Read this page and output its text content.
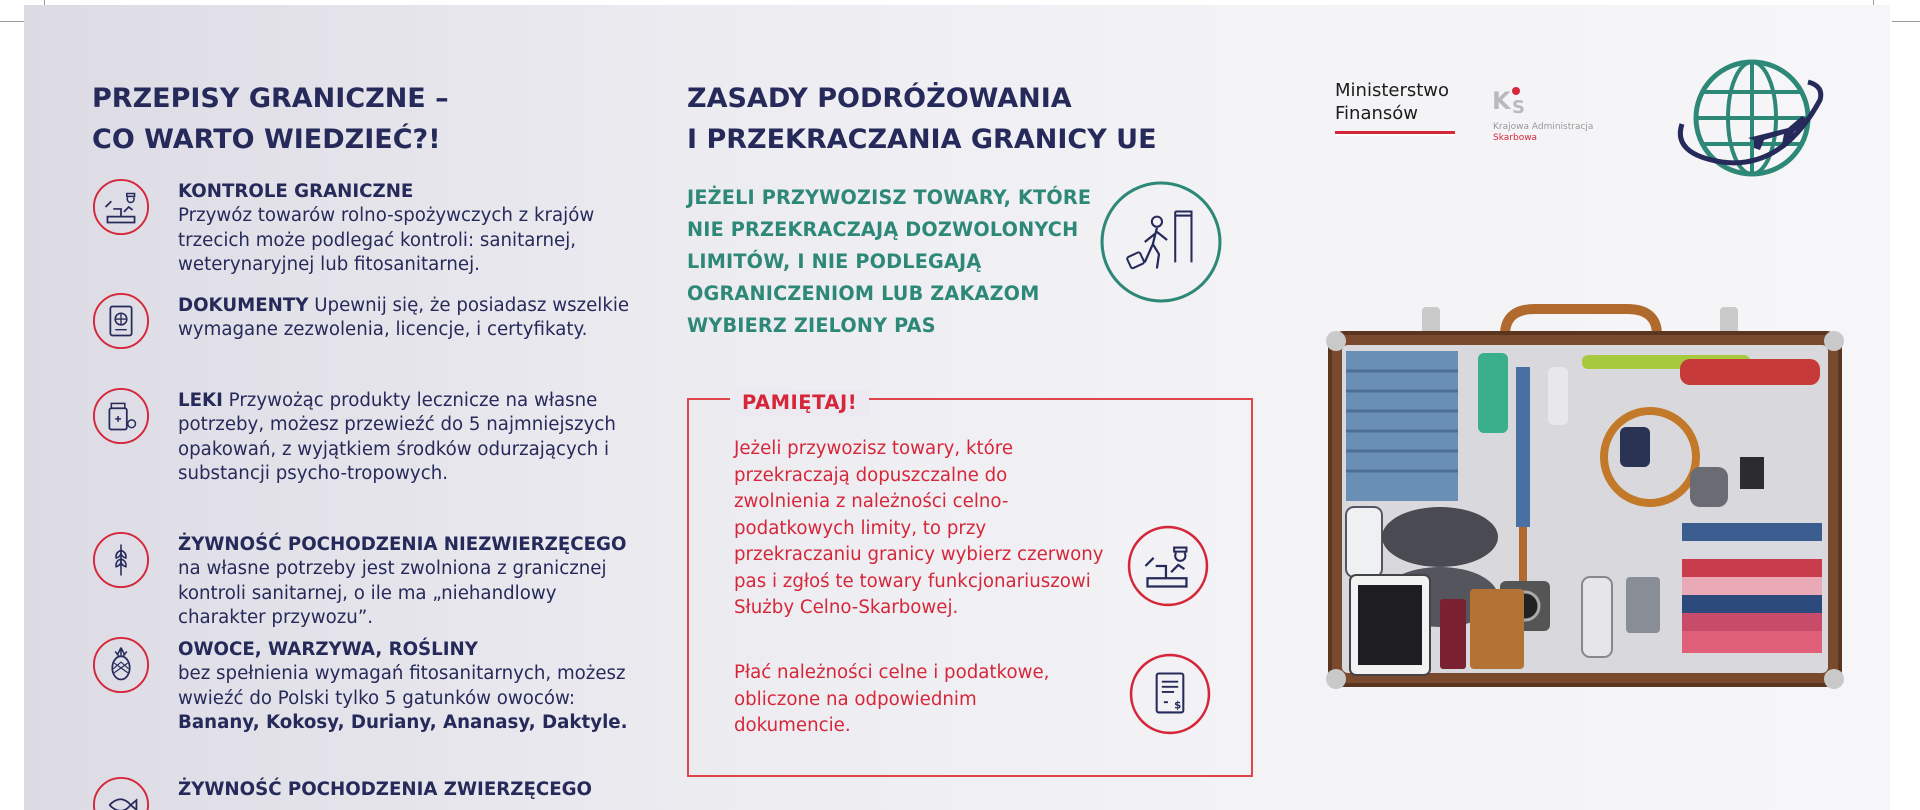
PRZEPISY GRANICZNE –
CO WARTO WIEDZIEĆ?!
KONTROLE GRANICZNE
Przywóz towarów rolno-spożywczych z krajów trzecich może podlegać kontroli: sanitarnej, weterynaryjnej lub fitosanitarnej.
DOKUMENTY Upewnij się, że posiadasz wszelkie wymagane zezwolenia, licencje, i certyfikaty.
LEKI Przywożąc produkty lecznicze na własne potrzeby, możesz przewieźć do 5 najmniejszych opakowań, z wyjątkiem środków odurzających i substancji psycho-tropowych.
ŻYWNOŚĆ POCHODZENIA NIEZWIERZĘCEGO na własne potrzeby jest zwolniona z granicznej kontroli sanitarnej, o ile ma „niehandlowy charakter przywozu”.
OWOCE, WARZYWA, ROŚLINY
bez spełnienia wymagań fitosanitarnych, możesz wwieźć do Polski tylko 5 gatunków owoców: Banany, Kokosy, Duriany, Ananasy, Daktyle.
ŻYWNOŚĆ POCHODZENIA ZWIERZĘCEGO
ZASADY PODRÓŻOWANIA
I PRZEKRACZANIA GRANICY UE
JEŻELI PRZYWOZISZ TOWARY, KTÓRE NIE PRZEKRACZAJĄ DOZWOLONYCH LIMITÓW, I NIE PODLEGAJĄ OGRANICZENIOM LUB ZAKAZOM WYBIERZ ZIELONY PAS
PAMIĘTAJ!
Jeżeli przywozisz towary, które przekraczają dopuszczalne do zwolnienia z należności celno-podatkowych limity, to przy przekraczaniu granicy wybierz czerwony pas i zgłoś te towary funkcjonariuszowi Służby Celno-Skarbowej.
Płać należności celne i podatkowe, obliczone na odpowiednim dokumencie.
$
Ministerstwo
Finansów	K S
Krajowa Administracja
Skarbowa
